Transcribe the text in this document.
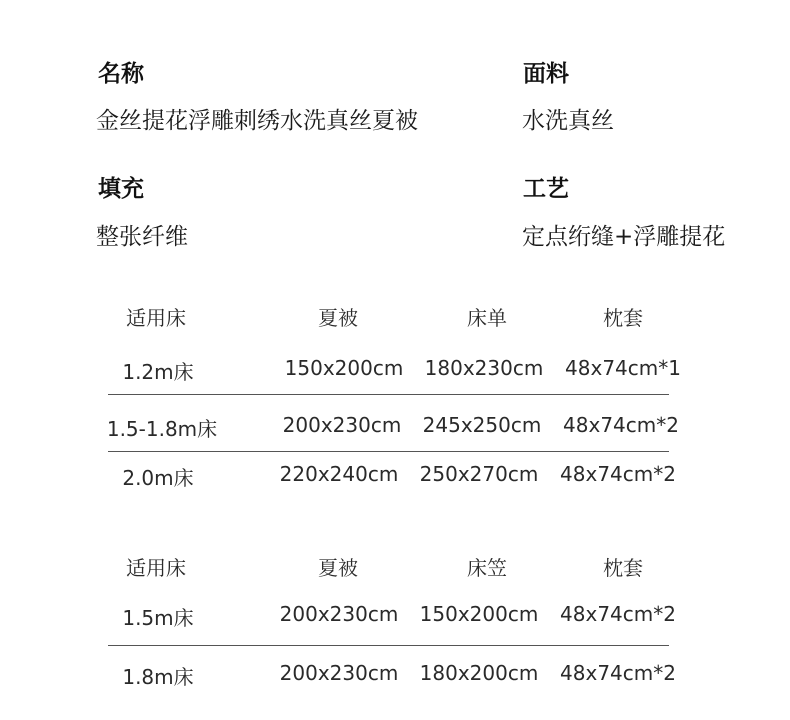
名称
金丝提花浮雕刺绣水洗真丝夏被
面料
水洗真丝
填充
整张纤维
工艺
定点绗缝+浮雕提花
适用床	夏被	床单	枕套
1.2m床	150x200cm 180x230cm 48x74cm*1
1.5-1.8m床	200x230cm 245x250cm 48x74cm*2
2.0m床	220x240cm 250x270cm 48x74cm*2
适用床	夏被	床笠	枕套
1.5m床	200x230cm 150x200cm 48x74cm*2
1.8m床	200x230cm 180x200cm 48x74cm*2
